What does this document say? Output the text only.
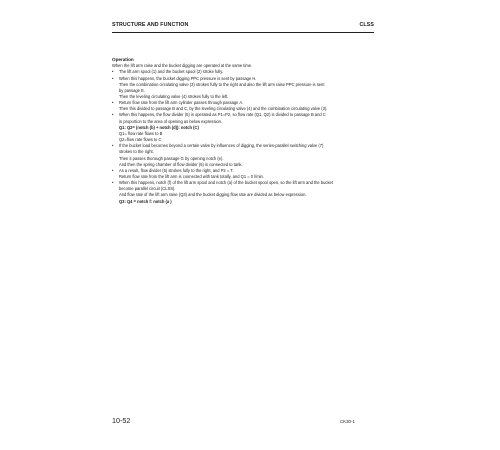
STRUCTURE AND FUNCTION	CLSS
Operation
When the lift arm raise and the bucket digging are operated at the same time.
• The lift arm spool (1) and the bucket spool (2) stroke fully.
• When this happens, the bucket digging PPC pressure is sent by passage H.
Then the combination circulating valve (3) strokes fully to the right and also the lift arm raise PPC pressure is sent
by passage E.
Then the leveling circulating valve (4) strokes fully to the left.
• Return flow rate from the lift arm cylinder passes through passage A.
Then this divided to passage B and C, by the leveling circulating valve (4) and the combination circulating valve (3).
• When this happens, the flow divider (5) is operated as P1=P2, so flow rate (Q1, Q2) is divided to passage B and C
in proportion to the area of opening as below expression.
Q1: Q2= (notch (b) + notch (d)): notch (C)
Q1= flow rate flows to B
Q2=flow rate flows to C
• If the bucket load becomes beyond a certain valve by influences of digging, the series-parallel switching valve (7)
strokes to the right.
Then it passes thorough passage G by opening notch (e).
And then the spring chamber of flow divider (5) is connected to tank.
• As a result, flow divider (5) strokes fully to the right, and P2 = T.
Return flow rate from the lift arm is connected with tank totally, and Q1 = 0 l/min.
• When this happens, notch (f) of the lift arm spool and notch (a) of the bucket spool open, so the lift arm and the bucket
become parallel circuit (CLSS).
And flow rate of the lift arm raise (Q3) and the bucket digging flow rate are divided as below expression.
Q3: Q4 = notch f: notch (a )
10-52	CK30-1
